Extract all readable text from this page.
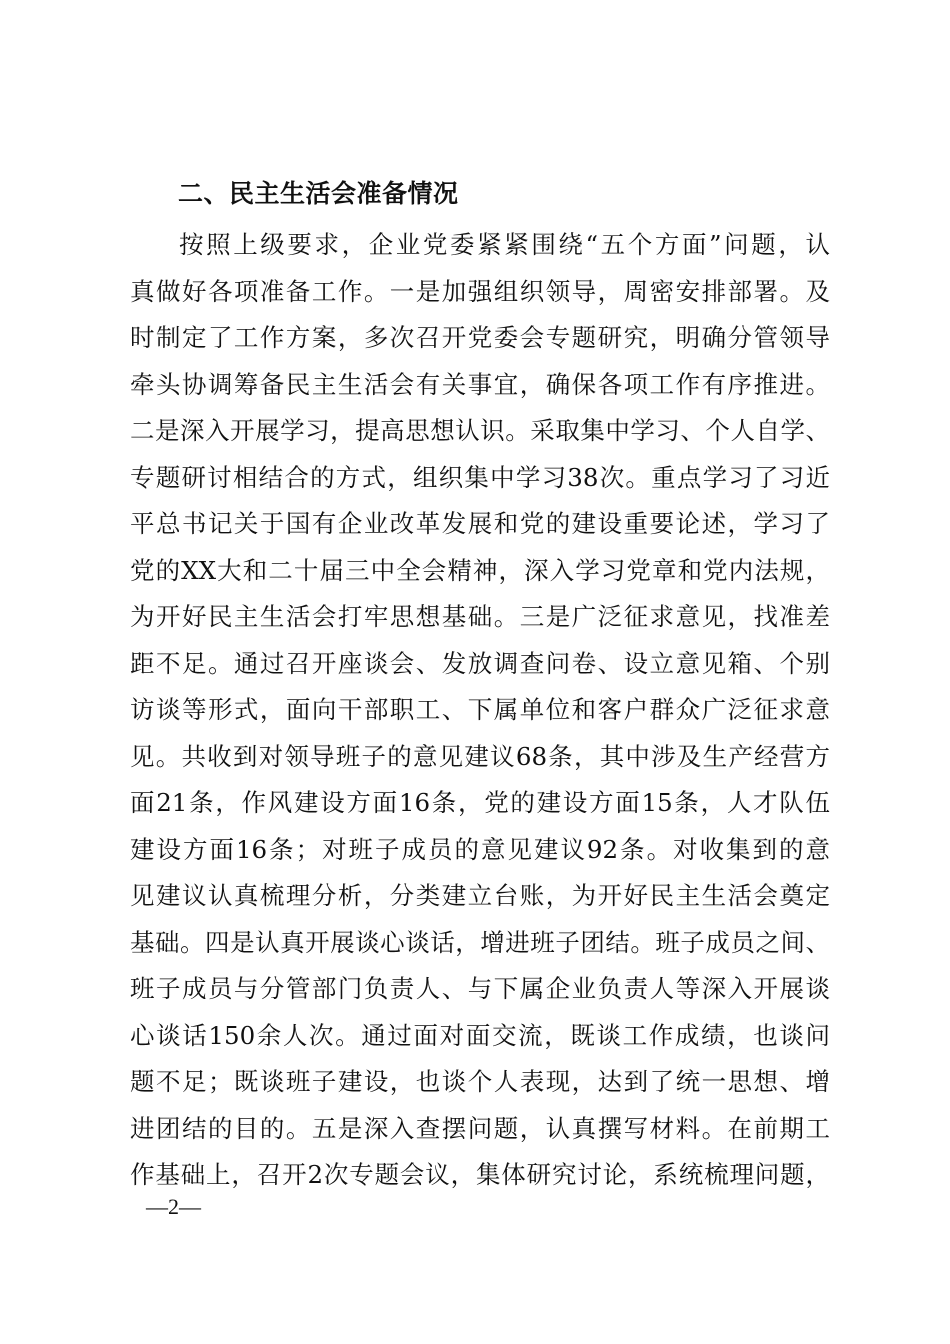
二、民主生活会准备情况
按照上级要求，企业党委紧紧围绕“五个方面”问题，认
真做好各项准备工作。一是加强组织领导，周密安排部署。及
时制定了工作方案，多次召开党委会专题研究，明确分管领导
牵头协调筹备民主生活会有关事宜，确保各项工作有序推进。
二是深入开展学习，提高思想认识。采取集中学习、个人自学、
专题研讨相结合的方式，组织集中学习38次。重点学习了习近
平总书记关于国有企业改革发展和党的建设重要论述，学习了
党的XX大和二十届三中全会精神，深入学习党章和党内法规，
为开好民主生活会打牢思想基础。三是广泛征求意见，找准差
距不足。通过召开座谈会、发放调查问卷、设立意见箱、个别
访谈等形式，面向干部职工、下属单位和客户群众广泛征求意
见。共收到对领导班子的意见建议68条，其中涉及生产经营方
面21条，作风建设方面16条，党的建设方面15条，人才队伍
建设方面16条；对班子成员的意见建议92条。对收集到的意
见建议认真梳理分析，分类建立台账，为开好民主生活会奠定
基础。四是认真开展谈心谈话，增进班子团结。班子成员之间、
班子成员与分管部门负责人、与下属企业负责人等深入开展谈
心谈话150余人次。通过面对面交流，既谈工作成绩，也谈问
题不足；既谈班子建设，也谈个人表现，达到了统一思想、增
进团结的目的。五是深入查摆问题，认真撰写材料。在前期工
作基础上，召开2次专题会议，集体研究讨论，系统梳理问题，
—2—
